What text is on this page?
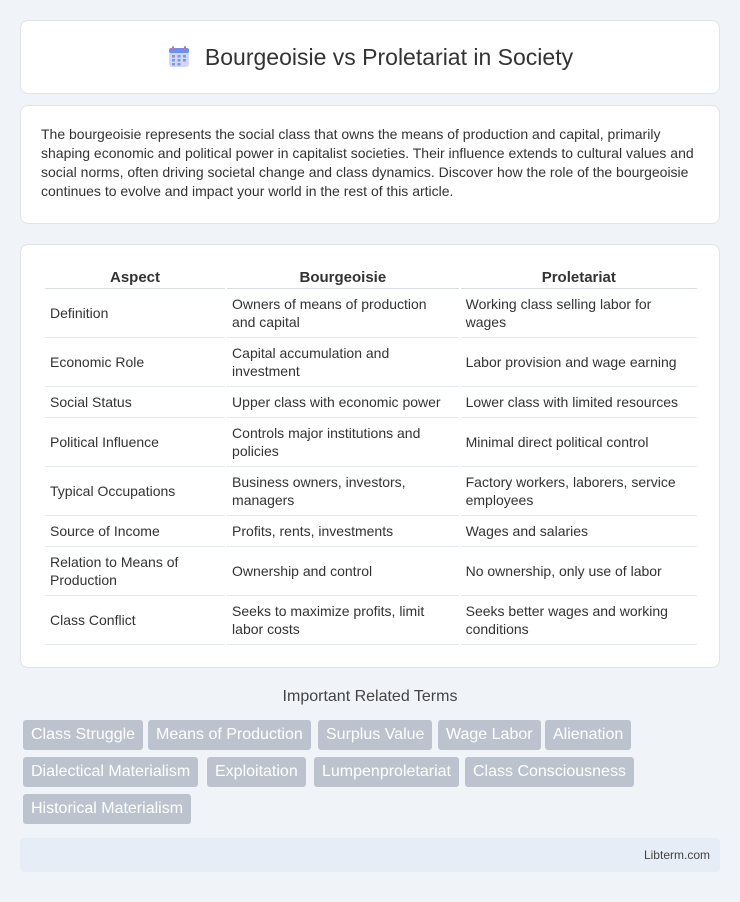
Bourgeoisie vs Proletariat in Society

The bourgeoisie represents the social class that owns the means of production and capital, primarily shaping economic and political power in capitalist societies. Their influence extends to cultural values and social norms, often driving societal change and class dynamics. Discover how the role of the bourgeoisie continues to evolve and impact your world in the rest of this article.

Aspect	Bourgeoisie	Proletariat
Definition	Owners of means of production and capital	Working class selling labor for wages
Economic Role	Capital accumulation and investment	Labor provision and wage earning
Social Status	Upper class with economic power	Lower class with limited resources
Political Influence	Controls major institutions and policies	Minimal direct political control
Typical Occupations	Business owners, investors, managers	Factory workers, laborers, service employees
Source of Income	Profits, rents, investments	Wages and salaries
Relation to Means of Production	Ownership and control	No ownership, only use of labor
Class Conflict	Seeks to maximize profits, limit labor costs	Seeks better wages and working conditions
Important Related Terms
Class Struggle	Means of Production	Surplus Value	Wage Labor	Alienation
Dialectical Materialism	Exploitation	Lumpenproletariat	Class Consciousness
Historical Materialism
Libterm.com
